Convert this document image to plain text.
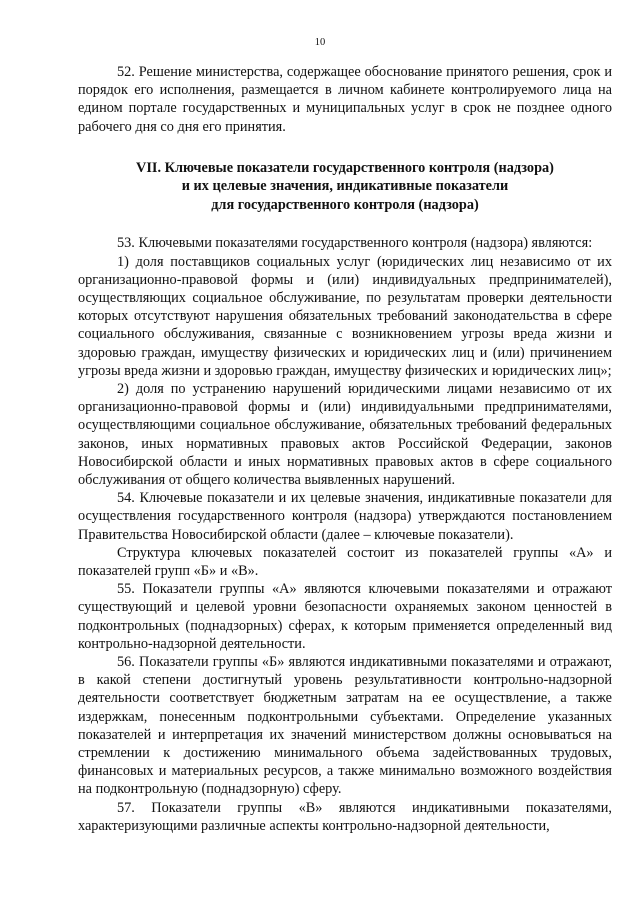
10

52. Решение министерства, содержащее обоснование принятого решения, срок и порядок его исполнения, размещается в личном кабинете контролируемого лица на едином портале государственных и муниципальных услуг в срок не позднее одного рабочего дня со дня его принятия.

VII. Ключевые показатели государственного контроля (надзора)
и их целевые значения, индикативные показатели
для государственного контроля (надзора)

53. Ключевыми показателями государственного контроля (надзора) являются:

1) доля поставщиков социальных услуг (юридических лиц независимо от их организационно-правовой формы и (или) индивидуальных предпринимателей), осуществляющих социальное обслуживание, по результатам проверки деятельности которых отсутствуют нарушения обязательных требований законодательства в сфере социального обслуживания, связанные с возникновением угрозы вреда жизни и здоровью граждан, имуществу физических и юридических лиц и (или) причинением угрозы вреда жизни и здоровью граждан, имуществу физических и юридических лиц»;

2) доля по устранению нарушений юридическими лицами независимо от их организационно-правовой формы и (или) индивидуальными предпринимателями, осуществляющими социальное обслуживание, обязательных требований федеральных законов, иных нормативных правовых актов Российской Федерации, законов Новосибирской области и иных нормативных правовых актов в сфере социального обслуживания от общего количества выявленных нарушений.

54. Ключевые показатели и их целевые значения, индикативные показатели для осуществления государственного контроля (надзора) утверждаются постановлением Правительства Новосибирской области (далее – ключевые показатели).

Структура ключевых показателей состоит из показателей группы «А» и показателей групп «Б» и «В».

55. Показатели группы «А» являются ключевыми показателями и отражают существующий и целевой уровни безопасности охраняемых законом ценностей в подконтрольных (поднадзорных) сферах, к которым применяется определенный вид контрольно-надзорной деятельности.

56. Показатели группы «Б» являются индикативными показателями и отражают, в какой степени достигнутый уровень результативности контрольно-надзорной деятельности соответствует бюджетным затратам на ее осуществление, а также издержкам, понесенным подконтрольными субъектами. Определение указанных показателей и интерпретация их значений министерством должны основываться на стремлении к достижению минимального объема задействованных трудовых, финансовых и материальных ресурсов, а также минимально возможного воздействия на подконтрольную (поднадзорную) сферу.

57. Показатели группы «В» являются индикативными показателями, характеризующими различные аспекты контрольно-надзорной деятельности,
